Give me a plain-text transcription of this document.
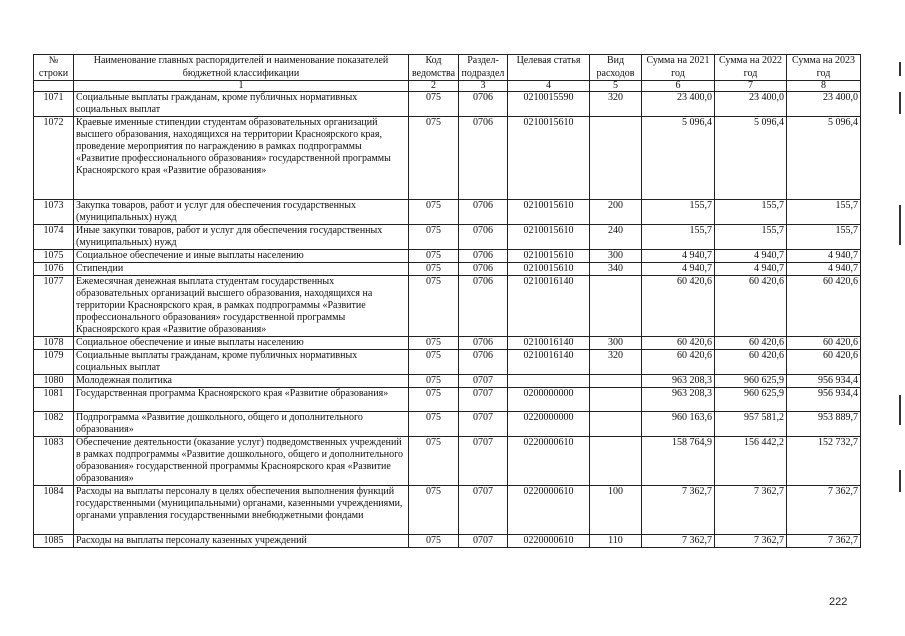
№ строки	Наименование главных распорядителей и наименование показателей бюджетной классификации	Код ведомства	Раздел-подраздел	Целевая статья	Вид расходов	Сумма на 2021 год	Сумма на 2022 год	Сумма на 2023 год
	1	2	3	4	5	6	7	8
1071	Социальные выплаты гражданам, кроме публичных нормативных социальных выплат	075	0706	0210015590	320	23 400,0	23 400,0	23 400,0
1072	Краевые именные стипендии студентам образовательных организаций высшего образования, находящихся на территории Красноярского края, проведение мероприятия по награждению в рамках подпрограммы «Развитие профессионального образования» государственной программы Красноярского края «Развитие образования»	075	0706	0210015610		5 096,4	5 096,4	5 096,4
1073	Закупка товаров, работ и услуг для обеспечения государственных (муниципальных) нужд	075	0706	0210015610	200	155,7	155,7	155,7
1074	Иные закупки товаров, работ и услуг для обеспечения государственных (муниципальных) нужд	075	0706	0210015610	240	155,7	155,7	155,7
1075	Социальное обеспечение и иные выплаты населению	075	0706	0210015610	300	4 940,7	4 940,7	4 940,7
1076	Стипендии	075	0706	0210015610	340	4 940,7	4 940,7	4 940,7
1077	Ежемесячная денежная выплата студентам государственных образовательных организаций высшего образования, находящихся на территории Красноярского края, в рамках подпрограммы «Развитие профессионального образования» государственной программы Красноярского края «Развитие образования»	075	0706	0210016140		60 420,6	60 420,6	60 420,6
1078	Социальное обеспечение и иные выплаты населению	075	0706	0210016140	300	60 420,6	60 420,6	60 420,6
1079	Социальные выплаты гражданам, кроме публичных нормативных социальных выплат	075	0706	0210016140	320	60 420,6	60 420,6	60 420,6
1080	Молодежная политика	075	0707			963 208,3	960 625,9	956 934,4
1081	Государственная программа Красноярского края «Развитие образования»	075	0707	0200000000		963 208,3	960 625,9	956 934,4
1082	Подпрограмма «Развитие дошкольного, общего и дополнительного образования»	075	0707	0220000000		960 163,6	957 581,2	953 889,7
1083	Обеспечение деятельности (оказание услуг) подведомственных учреждений в рамках подпрограммы «Развитие дошкольного, общего и дополнительного образования» государственной программы Красноярского края «Развитие образования»	075	0707	0220000610		158 764,9	156 442,2	152 732,7
1084	Расходы на выплаты персоналу в целях обеспечения выполнения функций государственными (муниципальными) органами, казенными учреждениями, органами управления государственными внебюджетными фондами	075	0707	0220000610	100	7 362,7	7 362,7	7 362,7
1085	Расходы на выплаты персоналу казенных учреждений	075	0707	0220000610	110	7 362,7	7 362,7	7 362,7
222
